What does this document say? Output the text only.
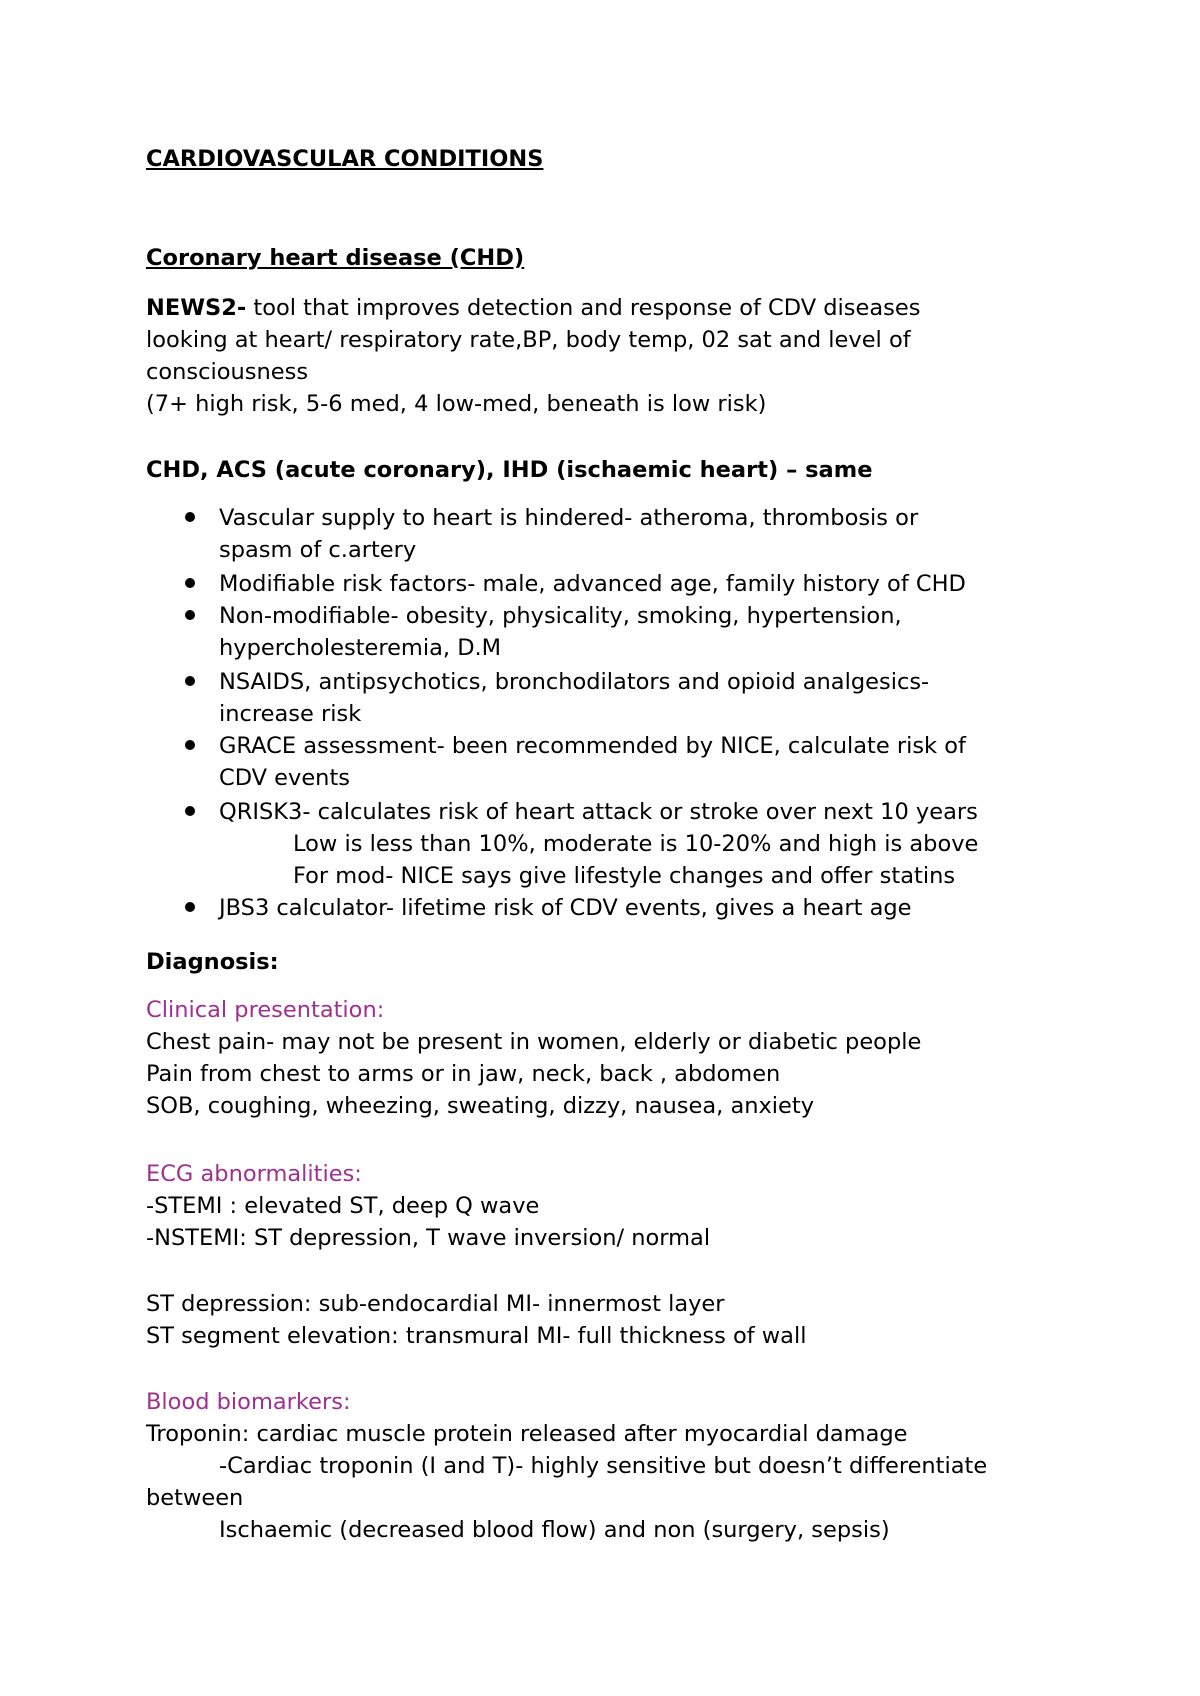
CARDIOVASCULAR CONDITIONS
Coronary heart disease (CHD)
NEWS2- tool that improves detection and response of CDV diseases
looking at heart/ respiratory rate,BP, body temp, 02 sat and level of
consciousness
(7+ high risk, 5-6 med, 4 low-med, beneath is low risk)
CHD, ACS (acute coronary), IHD (ischaemic heart) – same
Vascular supply to heart is hindered- atheroma, thrombosis or
spasm of c.artery
Modifiable risk factors- male, advanced age, family history of CHD
Non-modifiable- obesity, physicality, smoking, hypertension,
hypercholesteremia, D.M
NSAIDS, antipsychotics, bronchodilators and opioid analgesics-
increase risk
GRACE assessment- been recommended by NICE, calculate risk of
CDV events
QRISK3- calculates risk of heart attack or stroke over next 10 years
Low is less than 10%, moderate is 10-20% and high is above
For mod- NICE says give lifestyle changes and offer statins
JBS3 calculator- lifetime risk of CDV events, gives a heart age
Diagnosis:
Clinical presentation:
Chest pain- may not be present in women, elderly or diabetic people
Pain from chest to arms or in jaw, neck, back , abdomen
SOB, coughing, wheezing, sweating, dizzy, nausea, anxiety
ECG abnormalities:
-STEMI : elevated ST, deep Q wave
-NSTEMI: ST depression, T wave inversion/ normal
ST depression: sub-endocardial MI- innermost layer
ST segment elevation: transmural MI- full thickness of wall
Blood biomarkers:
Troponin: cardiac muscle protein released after myocardial damage
-Cardiac troponin (I and T)- highly sensitive but doesn’t differentiate
between
Ischaemic (decreased blood flow) and non (surgery, sepsis)
